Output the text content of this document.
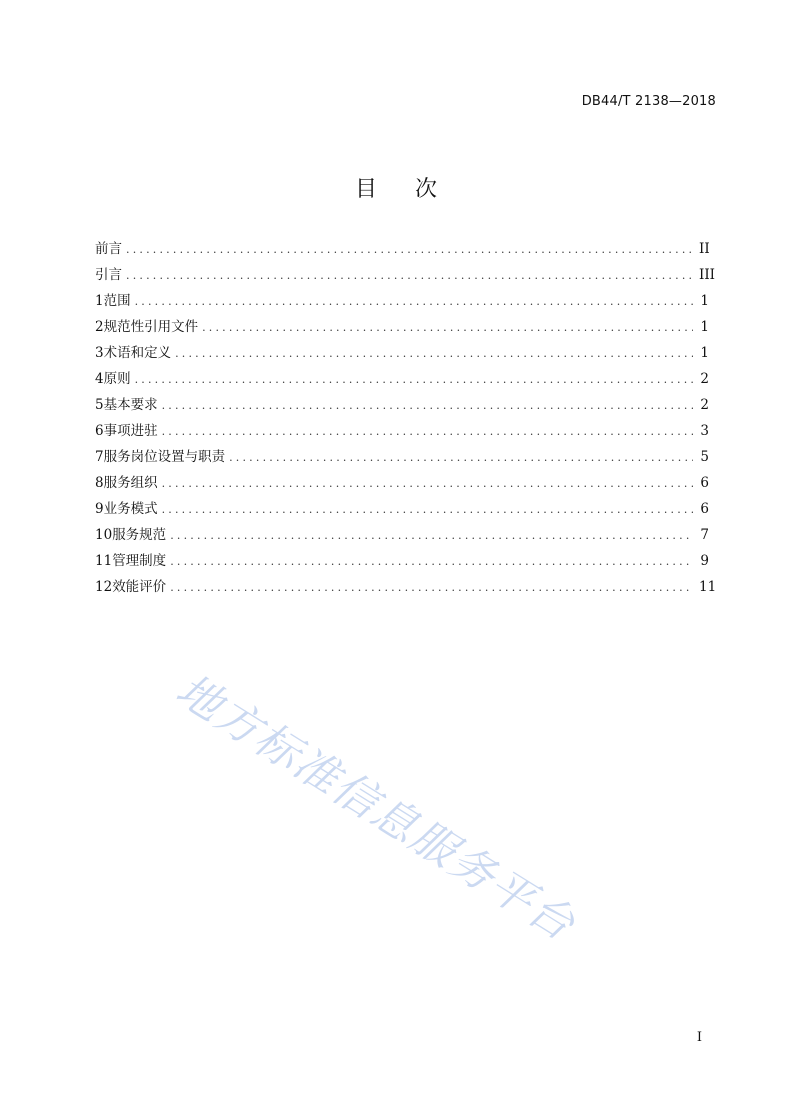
DB44/T 2138—2018
目次
前言 .....	II
引言 .....	III
1 范围 .....	1
2 规范性引用文件 .....	1
3 术语和定义 .....	1
4 原则 .....	2
5 基本要求 .....	2
6 事项进驻 .....	3
7 服务岗位设置与职责 .....	5
8 服务组织 .....	6
9 业务模式 .....	6
10 服务规范 .....	7
11 管理制度 .....	9
12 效能评价 .....	11
地方标准信息服务平台
I
